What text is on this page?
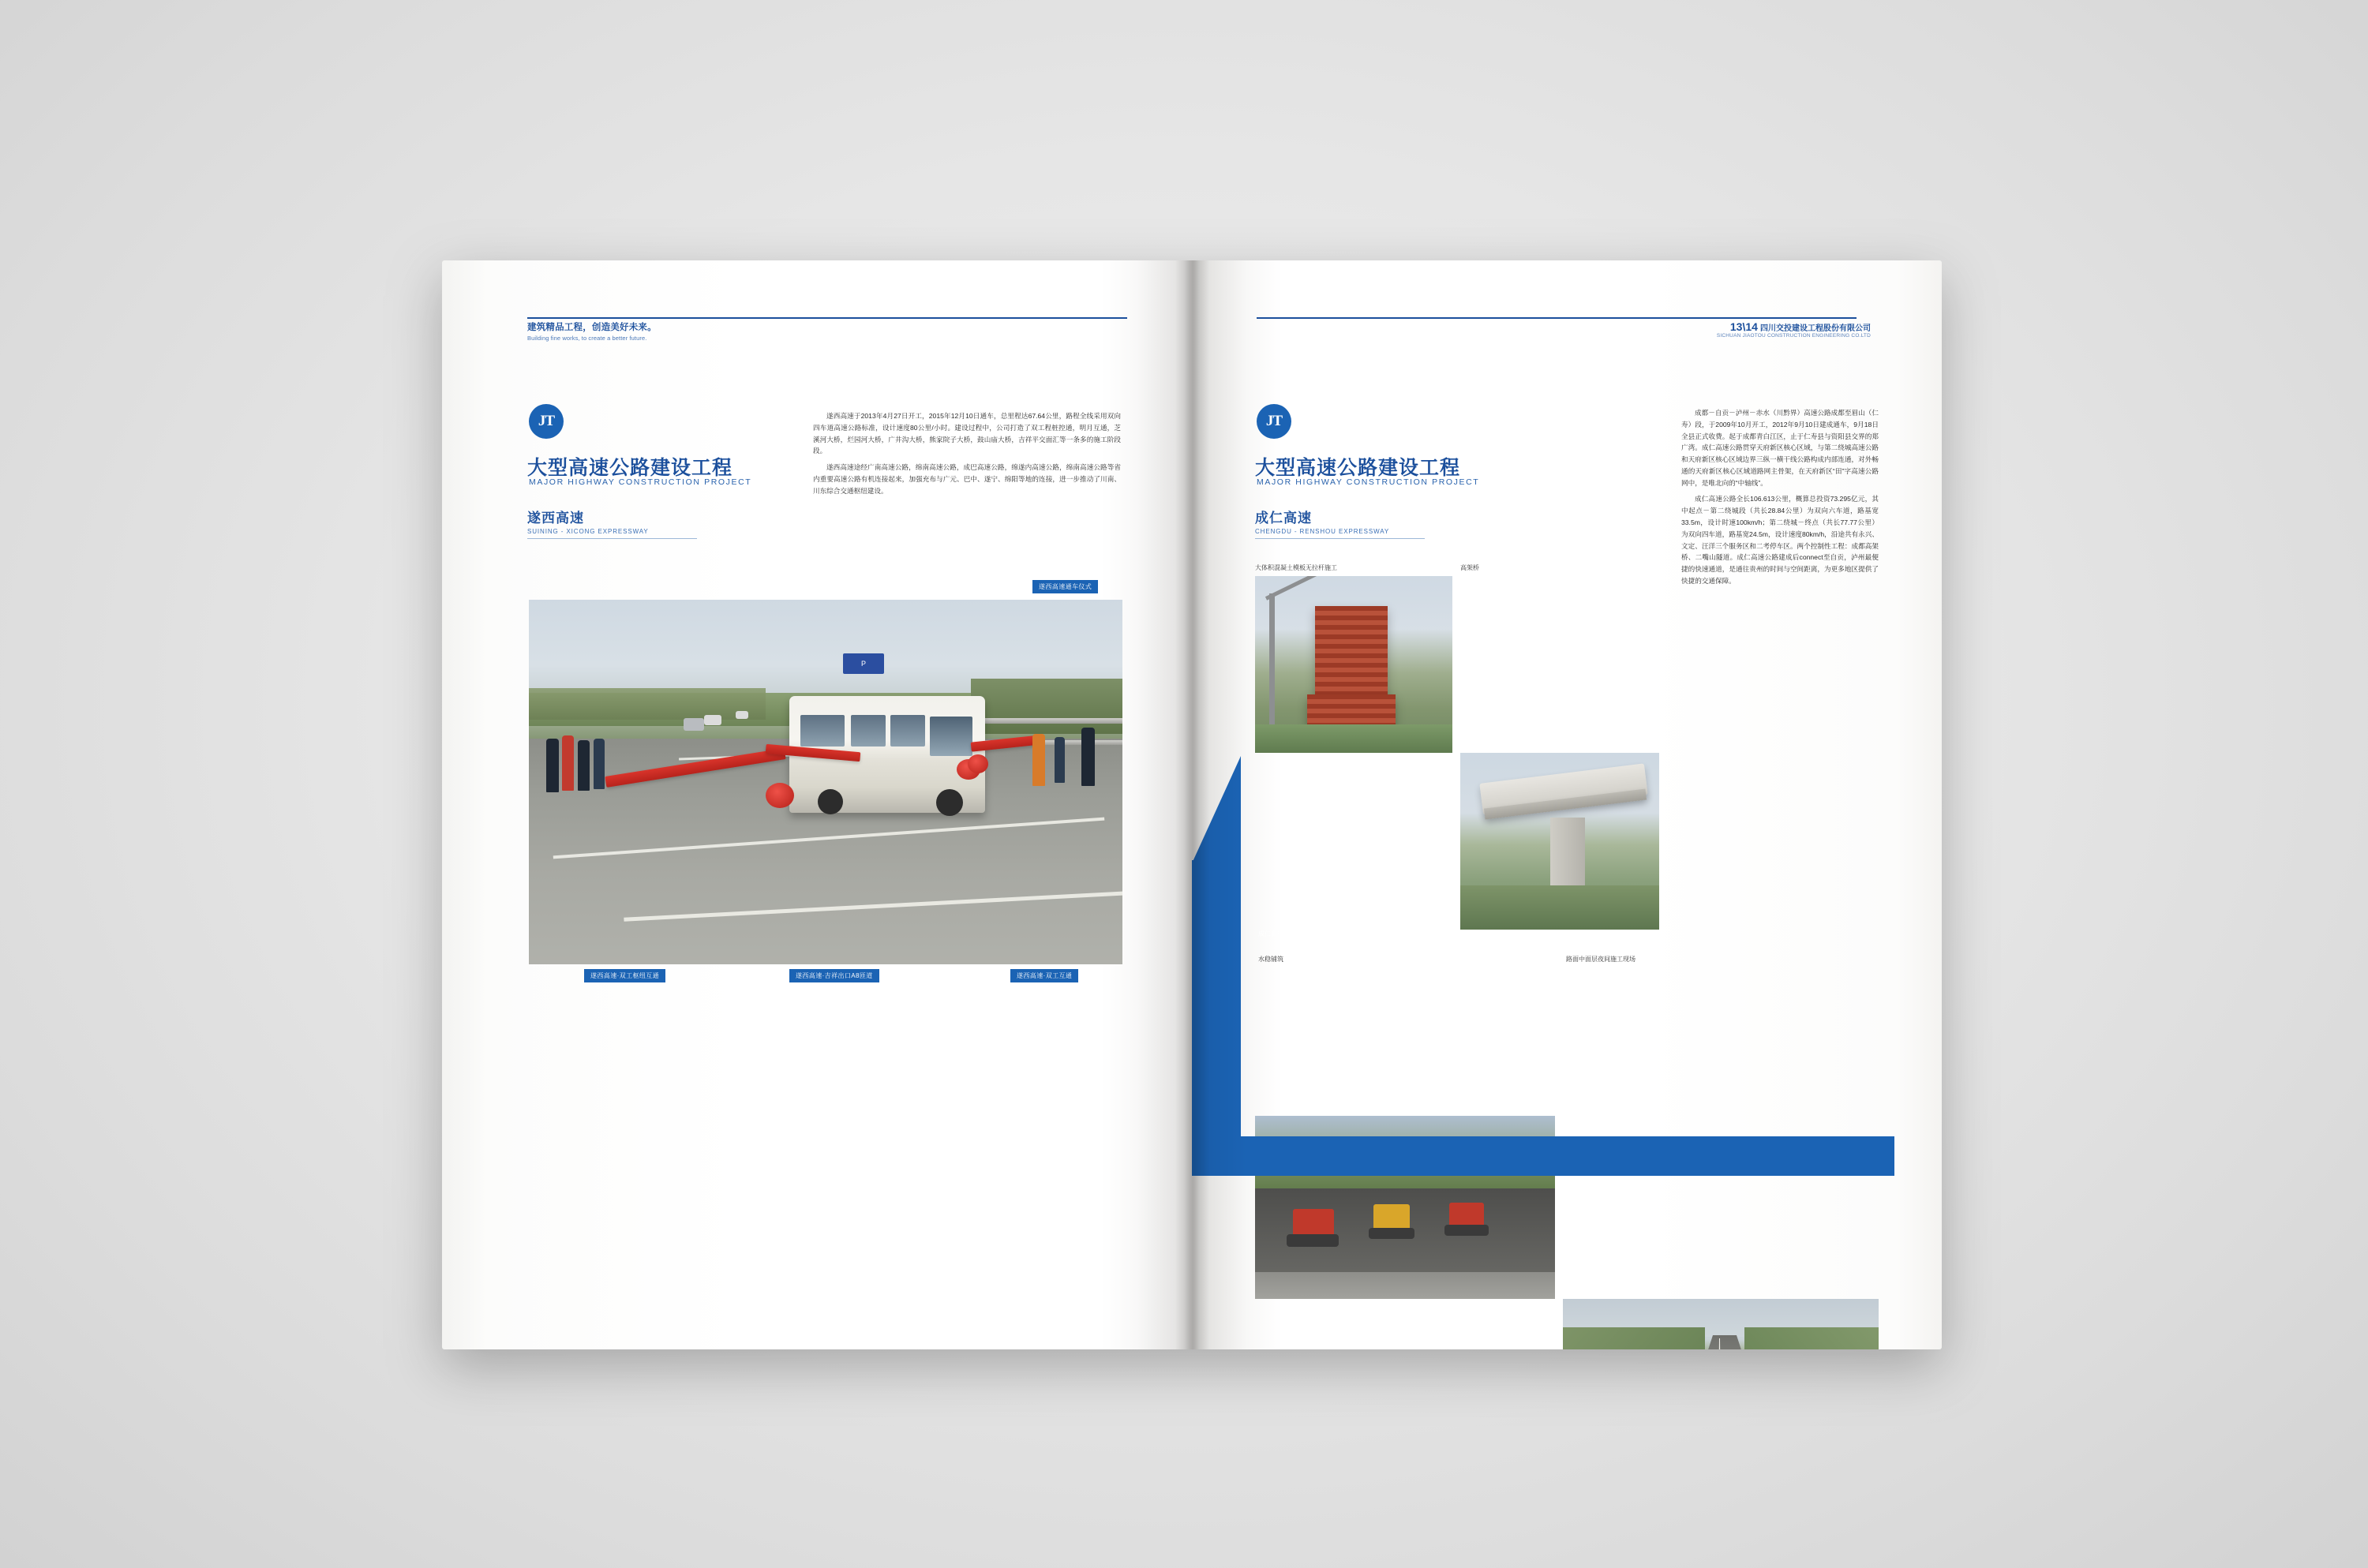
建筑精品工程，创造美好未来。
Building fine works, to create a better future.
JT
大型高速公路建设工程
MAJOR HIGHWAY CONSTRUCTION PROJECT
遂西高速
SUINING - XICONG EXPRESSWAY

遂西高速于2013年4月27日开工，2015年12月10日通车，总里程达67.64公里，路程全线采用双向四车道高速公路标准，设计速度80公里/小时。建设过程中，公司打造了双工程桩控通，明月互通，芝溪河大桥，烂园河大桥，广井沟大桥，熊家院子大桥，鼓山庙大桥，吉祥平交面汇等一条多的施工阶段段。

遂西高速途经广南高速公路，绵南高速公路，成巴高速公路，绵遂内高速公路，绵南高速公路等省内重要高速公路有机连接起来，加强充布与广元、巴中、遂宁、绵阳等地的连接，进一步推动了川南、川东综合交通枢纽建设。

遂西高速通车仪式
P
遂西高速·双工枢纽互通	遂西高速·吉祥出口A8匝道	遂西高速·双工互通
13\14 四川交投建设工程股份有限公司
SICHUAN JIAOTOU CONSTRUCTION ENGINEERING CO.LTD
JT
大型高速公路建设工程
MAJOR HIGHWAY CONSTRUCTION PROJECT
成仁高速
CHENGDU - RENSHOU EXPRESSWAY

成都－自贡－泸州－赤水（川黔界）高速公路成都至眉山（仁寿）段，于2009年10月开工，2012年9月10日建成通车，9月18日全县正式收费。起于成都青白江区，止于仁寿县与资阳县交界的郑广湾。成仁高速公路贯穿天府新区核心区域，与第二绕城高速公路和天府新区核心区域边界三纵一横干线公路构成内部连通，对外畅通的天府新区核心区域道路网主骨架，在天府新区“田”字高速公路网中，是唯北向的“中轴线”。

成仁高速公路全长106.613公里，概算总投资73.295亿元，其中起点－第二绕城段（共长28.84公里）为双向六车道，路基宽33.5m，设计时速100km/h；第二绕城－终点（共长77.77公里）为双向四车道，路基宽24.5m，设计速度80km/h，沿途共有永兴、文定、汪洋三个服务区和二考停车区。两个控制性工程：成都高架桥、二嘴山隧道。成仁高速公路建成后connect至自贡，泸州最便捷的快速通道，是通往贵州的时间与空间距离，为更多地区提供了快捷的交通保障。

大体积混凝土模板无拉杆施工	高架桥
成仁高速公路SMA路面铺筑	路面
水稳铺筑	路面中面层夜间施工现场
